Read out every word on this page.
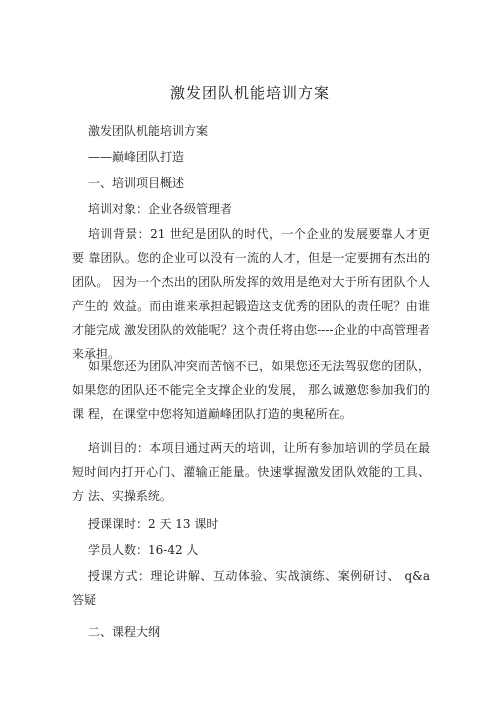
激发团队机能培训方案
激发团队机能培训方案
——巅峰团队打造
一、培训项目概述
培训对象：企业各级管理者
培训背景：21 世纪是团队的时代，一个企业的发展要靠人才更要 靠团队。您的企业可以没有一流的人才，但是一定要拥有杰出的团队。 因为一个杰出的团队所发挥的效用是绝对大于所有团队个人产生的 效益。而由谁来承担起锻造这支优秀的团队的责任呢？由谁才能完成 激发团队的效能呢？这个责任将由您----企业的中高管理者来承担。
如果您还为团队冲突而苦恼不已，如果您还无法驾驭您的团队， 如果您的团队还不能完全支撑企业的发展， 那么诚邀您参加我们的课 程，在课堂中您将知道巅峰团队打造的奥秘所在。
培训目的：本项目通过两天的培训，让所有参加培训的学员在最 短时间内打开心门、灌输正能量。快速掌握激发团队效能的工具、方 法、实操系统。
授课课时：2 天 13 课时
学员人数：16-42 人
授课方式：理论讲解、互动体验、实战演练、案例研讨、 q&a 答疑
二、课程大纲
